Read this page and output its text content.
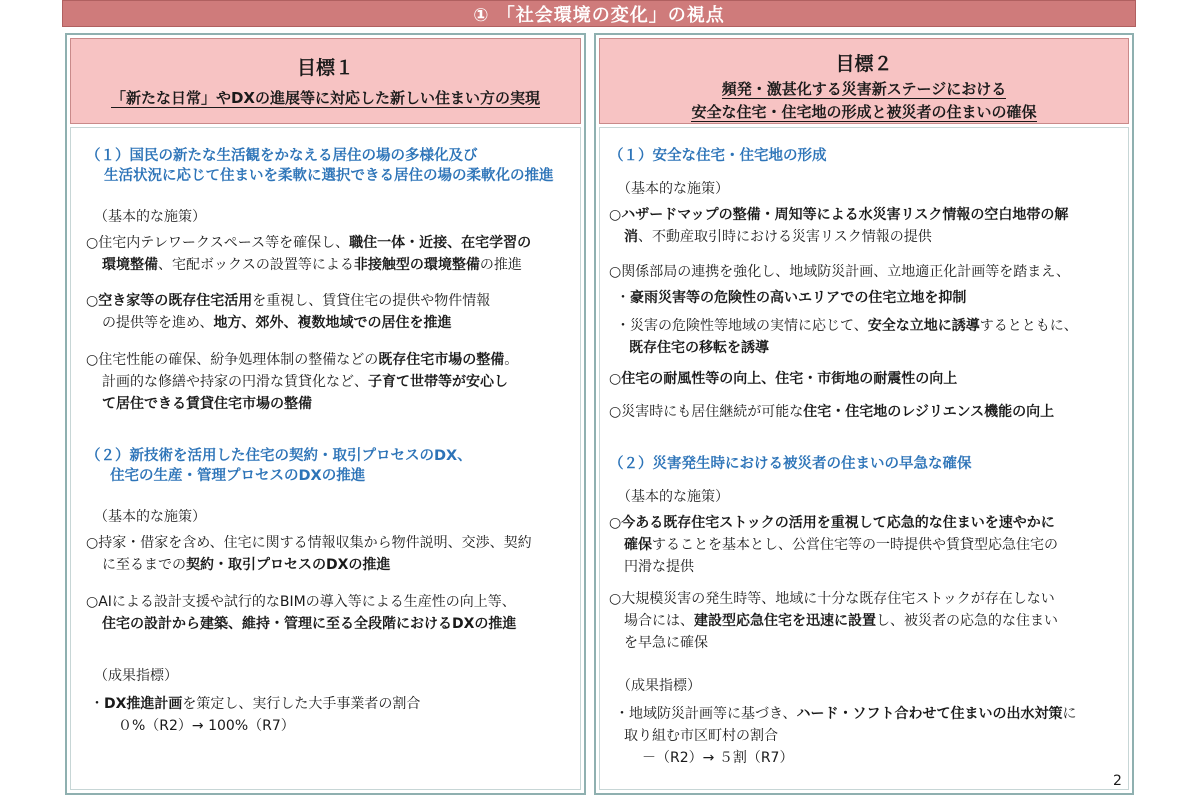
① 「社会環境の変化」の視点
目標１
「新たな日常」やDXの進展等に対応した新しい住まい方の実現
（１）国民の新たな生活観をかなえる居住の場の多様化及び
生活状況に応じて住まいを柔軟に選択できる居住の場の柔軟化の推進
（基本的な施策）
○住宅内テレワークスペース等を確保し、職住一体・近接、在宅学習の
環境整備、宅配ボックスの設置等による非接触型の環境整備の推進
○空き家等の既存住宅活用を重視し、賃貸住宅の提供や物件情報
の提供等を進め、地方、郊外、複数地域での居住を推進
○住宅性能の確保、紛争処理体制の整備などの既存住宅市場の整備。
計画的な修繕や持家の円滑な賃貸化など、子育て世帯等が安心し
て居住できる賃貸住宅市場の整備
（２）新技術を活用した住宅の契約・取引プロセスのDX、
住宅の生産・管理プロセスのDXの推進
（基本的な施策）
○持家・借家を含め、住宅に関する情報収集から物件説明、交渉、契約
に至るまでの契約・取引プロセスのDXの推進
○AIによる設計支援や試行的なBIMの導入等による生産性の向上等、
住宅の設計から建築、維持・管理に至る全段階におけるDXの推進
（成果指標）
・DX推進計画を策定し、実行した大手事業者の割合
０%（R2）→ 100%（R7）
目標２
頻発・激甚化する災害新ステージにおける
安全な住宅・住宅地の形成と被災者の住まいの確保
（１）安全な住宅・住宅地の形成
（基本的な施策）
○ハザードマップの整備・周知等による水災害リスク情報の空白地帯の解
消、不動産取引時における災害リスク情報の提供
○関係部局の連携を強化し、地域防災計画、立地適正化計画等を踏まえ、
・豪雨災害等の危険性の高いエリアでの住宅立地を抑制
・災害の危険性等地域の実情に応じて、安全な立地に誘導するとともに、
既存住宅の移転を誘導
○住宅の耐風性等の向上、住宅・市街地の耐震性の向上
○災害時にも居住継続が可能な住宅・住宅地のレジリエンス機能の向上
（２）災害発生時における被災者の住まいの早急な確保
（基本的な施策）
○今ある既存住宅ストックの活用を重視して応急的な住まいを速やかに
確保することを基本とし、公営住宅等の一時提供や賃貸型応急住宅の
円滑な提供
○大規模災害の発生時等、地域に十分な既存住宅ストックが存在しない
場合には、建設型応急住宅を迅速に設置し、被災者の応急的な住まい
を早急に確保
（成果指標）
・地域防災計画等に基づき、ハード・ソフト合わせて住まいの出水対策に
取り組む市区町村の割合
－（R2）→ ５割（R7）
2
